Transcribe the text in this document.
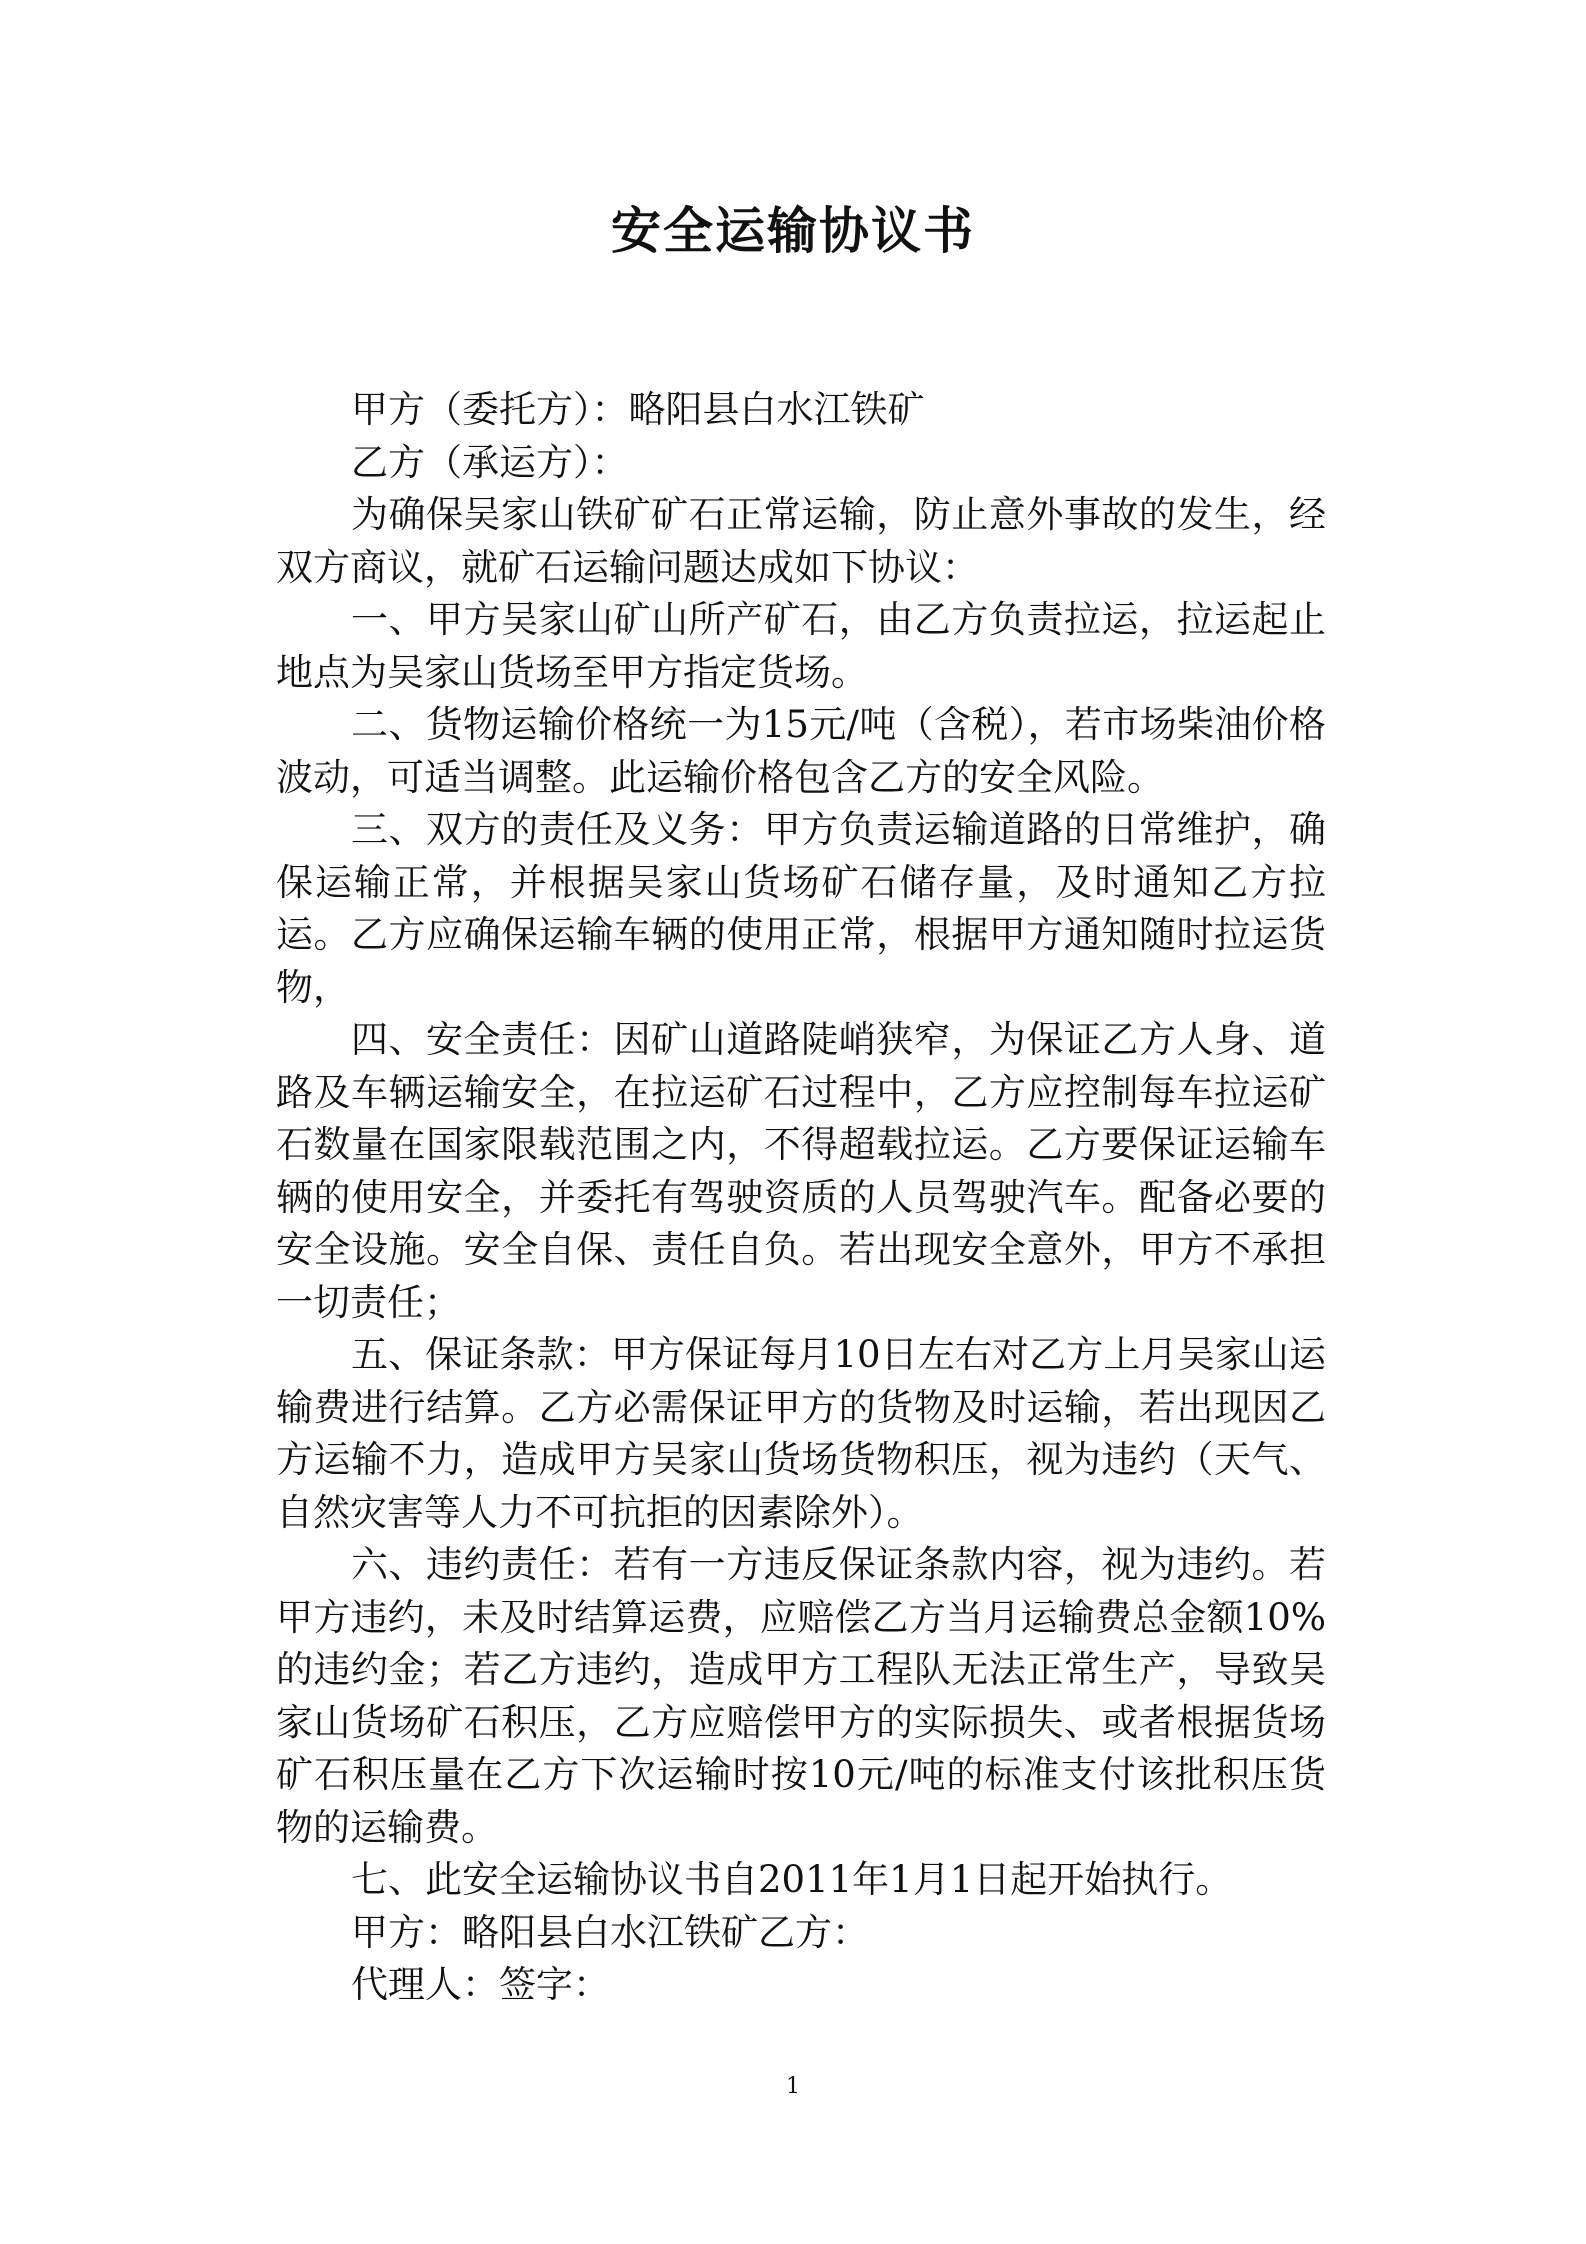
安全运输协议书

甲方（委托方）：略阳县白水江铁矿

乙方（承运方）：

为确保吴家山铁矿矿石正常运输，防止意外事故的发生，经双方商议，就矿石运输问题达成如下协议：

一、甲方吴家山矿山所产矿石，由乙方负责拉运，拉运起止地点为吴家山货场至甲方指定货场。

二、货物运输价格统一为15元/吨（含税），若市场柴油价格波动，可适当调整。此运输价格包含乙方的安全风险。

三、双方的责任及义务：甲方负责运输道路的日常维护，确保运输正常，并根据吴家山货场矿石储存量，及时通知乙方拉运。乙方应确保运输车辆的使用正常，根据甲方通知随时拉运货物，

四、安全责任：因矿山道路陡峭狭窄，为保证乙方人身、道路及车辆运输安全，在拉运矿石过程中，乙方应控制每车拉运矿石数量在国家限载范围之内，不得超载拉运。乙方要保证运输车辆的使用安全，并委托有驾驶资质的人员驾驶汽车。配备必要的安全设施。安全自保、责任自负。若出现安全意外，甲方不承担一切责任；

五、保证条款：甲方保证每月10日左右对乙方上月吴家山运输费进行结算。乙方必需保证甲方的货物及时运输，若出现因乙方运输不力，造成甲方吴家山货场货物积压，视为违约（天气、自然灾害等人力不可抗拒的因素除外）。

六、违约责任：若有一方违反保证条款内容，视为违约。若甲方违约，未及时结算运费，应赔偿乙方当月运输费总金额10%的违约金；若乙方违约，造成甲方工程队无法正常生产，导致吴家山货场矿石积压，乙方应赔偿甲方的实际损失、或者根据货场矿石积压量在乙方下次运输时按10元/吨的标准支付该批积压货物的运输费。

七、此安全运输协议书自2011年1月1日起开始执行。

甲方：略阳县白水江铁矿乙方：

代理人：签字：

1
